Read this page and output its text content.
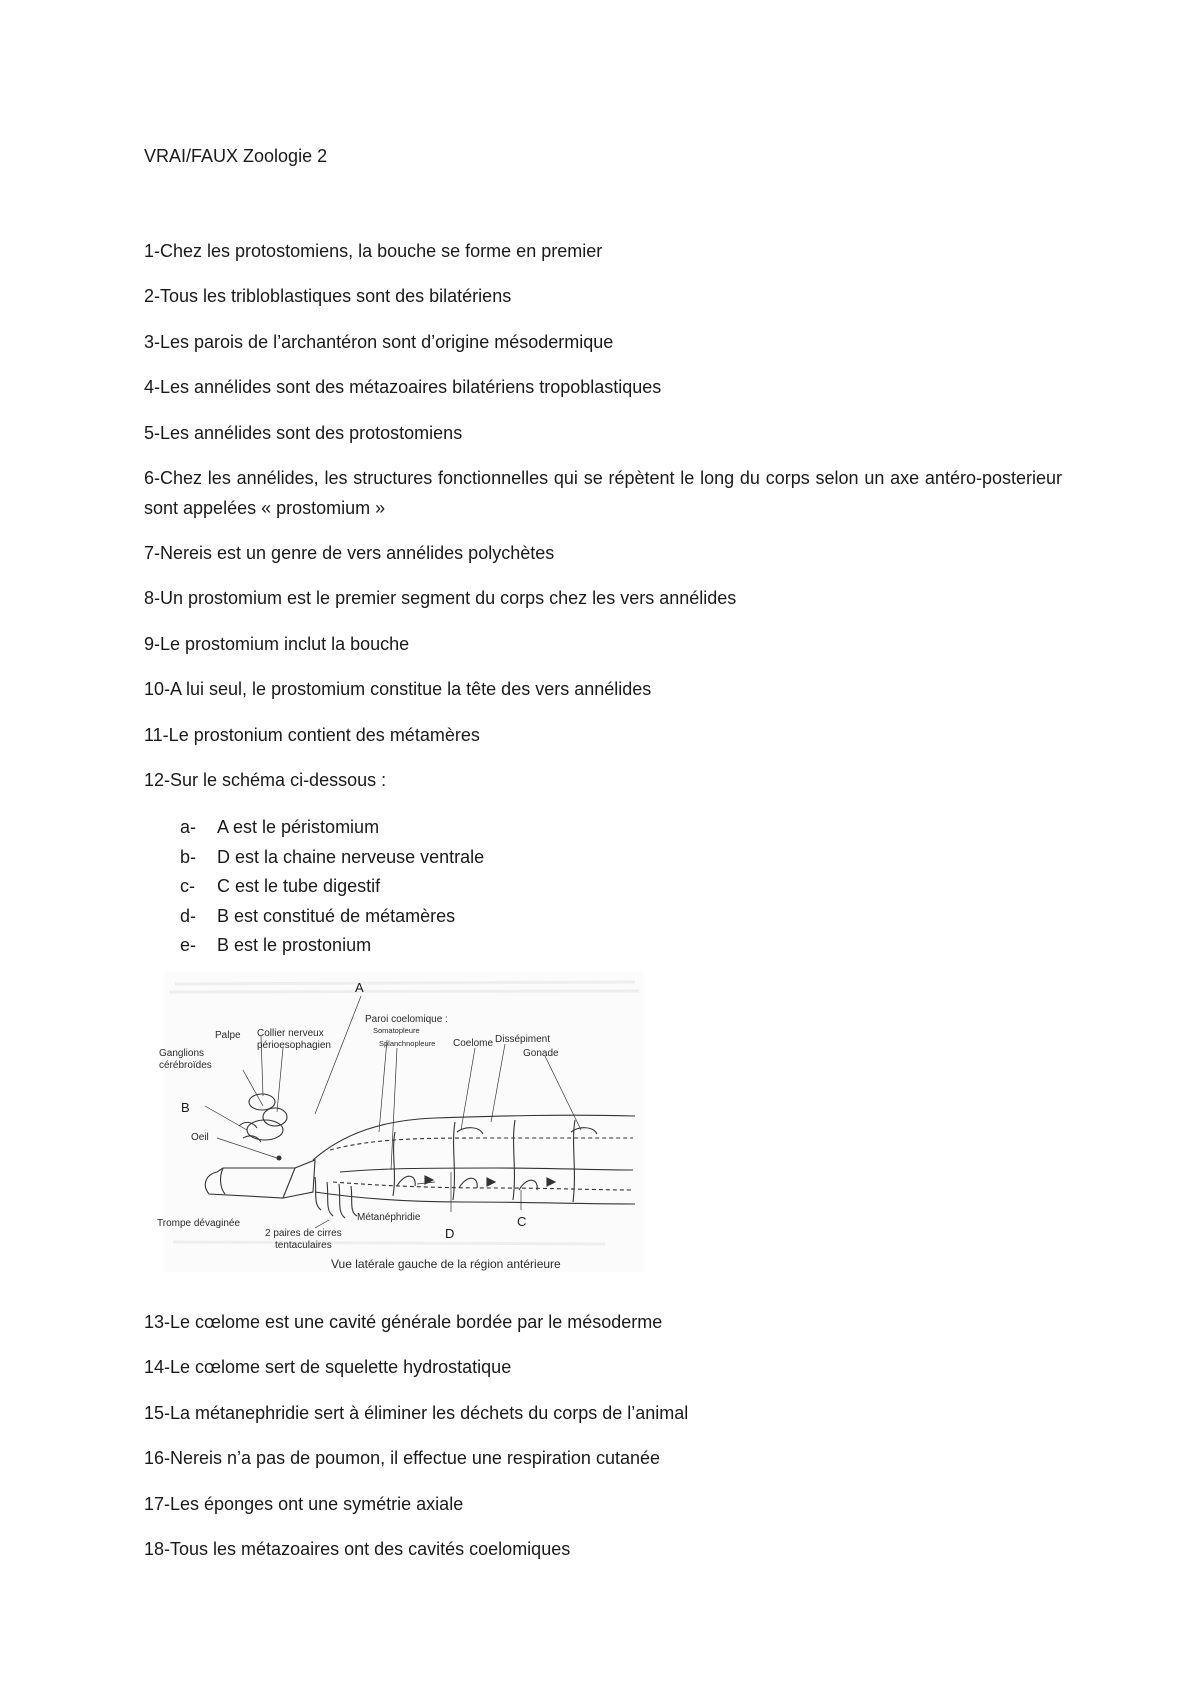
VRAI/FAUX Zoologie 2
1-Chez les protostomiens, la bouche se forme en premier
2-Tous les tribloblastiques sont des bilatériens
3-Les parois de l’archantéron sont d’origine mésodermique
4-Les annélides sont des métazoaires bilatériens tropoblastiques
5-Les annélides sont des protostomiens
6-Chez les annélides, les structures fonctionnelles qui se répètent le long du corps selon un axe antéro-posterieur sont appelées « prostomium »
7-Nereis est un genre de vers annélides polychètes
8-Un prostomium est le premier segment du corps chez les vers annélides
9-Le prostomium inclut la bouche
10-A lui seul, le prostomium constitue la tête des vers annélides
11-Le prostonium contient des métamères
12-Sur le schéma ci-dessous :
a- A est le péristomium
b- D est la chaine nerveuse ventrale
c- C est le tube digestif
d- B est constitué de métamères
e- B est le prostonium
A
B
C
D
Palpe Collier nerveux
périoesophagien
Ganglions
cérébroïdes
Oeil
Trompe dévaginée
2 paires de cirres
tentaculaires
Métanéphridie
Paroi coelomique :
Somatopleure
Splanchnopleure Coelome Dissépiment
Gonade
Vue latérale gauche de la région antérieure
13-Le cœlome est une cavité générale bordée par le mésoderme
14-Le cœlome sert de squelette hydrostatique
15-La métanephridie sert à éliminer les déchets du corps de l’animal
16-Nereis n’a pas de poumon, il effectue une respiration cutanée
17-Les éponges ont une symétrie axiale
18-Tous les métazoaires ont des cavités coelomiques
